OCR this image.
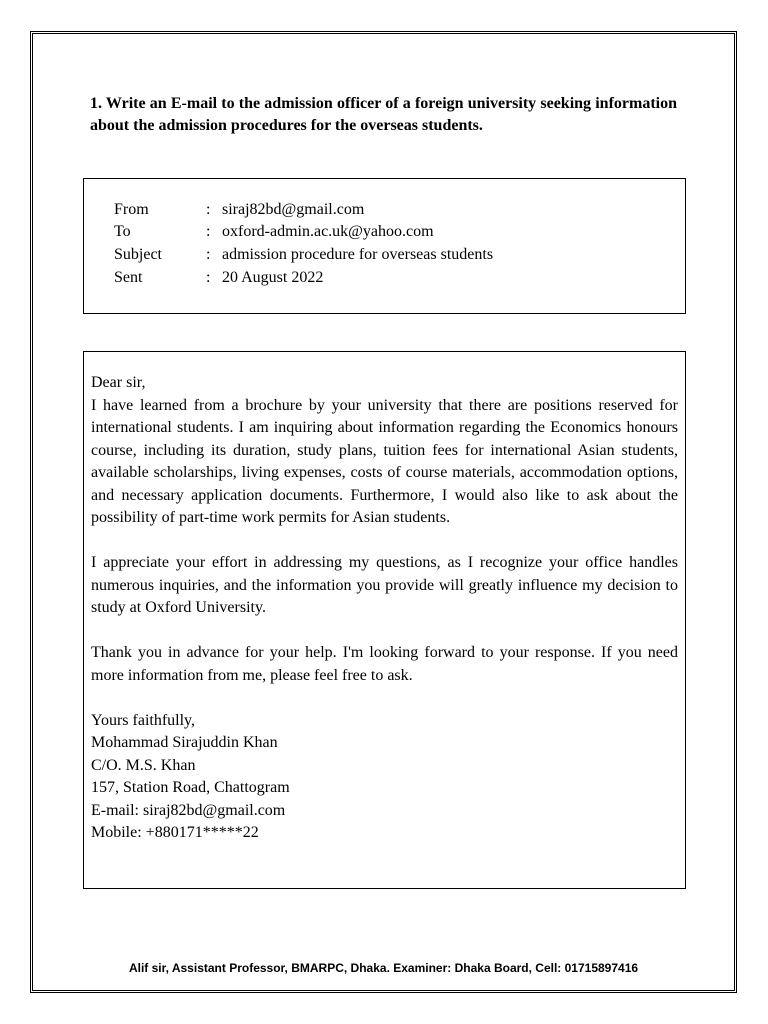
1. Write an E-mail to the admission officer of a foreign university seeking information about the admission procedures for the overseas students.
From	: siraj82bd@gmail.com
To	: oxford-admin.ac.uk@yahoo.com
Subject	: admission procedure for overseas students
Sent	: 20 August 2022

Dear sir,

I have learned from a brochure by your university that there are positions reserved for international students. I am inquiring about information regarding the Economics honours course, including its duration, study plans, tuition fees for international Asian students, available scholarships, living expenses, costs of course materials, accommodation options, and necessary application documents. Furthermore, I would also like to ask about the possibility of part-time work permits for Asian students.

I appreciate your effort in addressing my questions, as I recognize your office handles numerous inquiries, and the information you provide will greatly influence my decision to study at Oxford University.

Thank you in advance for your help. I'm looking forward to your response. If you need more information from me, please feel free to ask.

Yours faithfully,

Mohammad Sirajuddin Khan
C/O. M.S. Khan
157, Station Road, Chattogram
E-mail: siraj82bd@gmail.com
Mobile: +880171*****22
Alif sir, Assistant Professor, BMARPC, Dhaka. Examiner: Dhaka Board, Cell: 01715897416
